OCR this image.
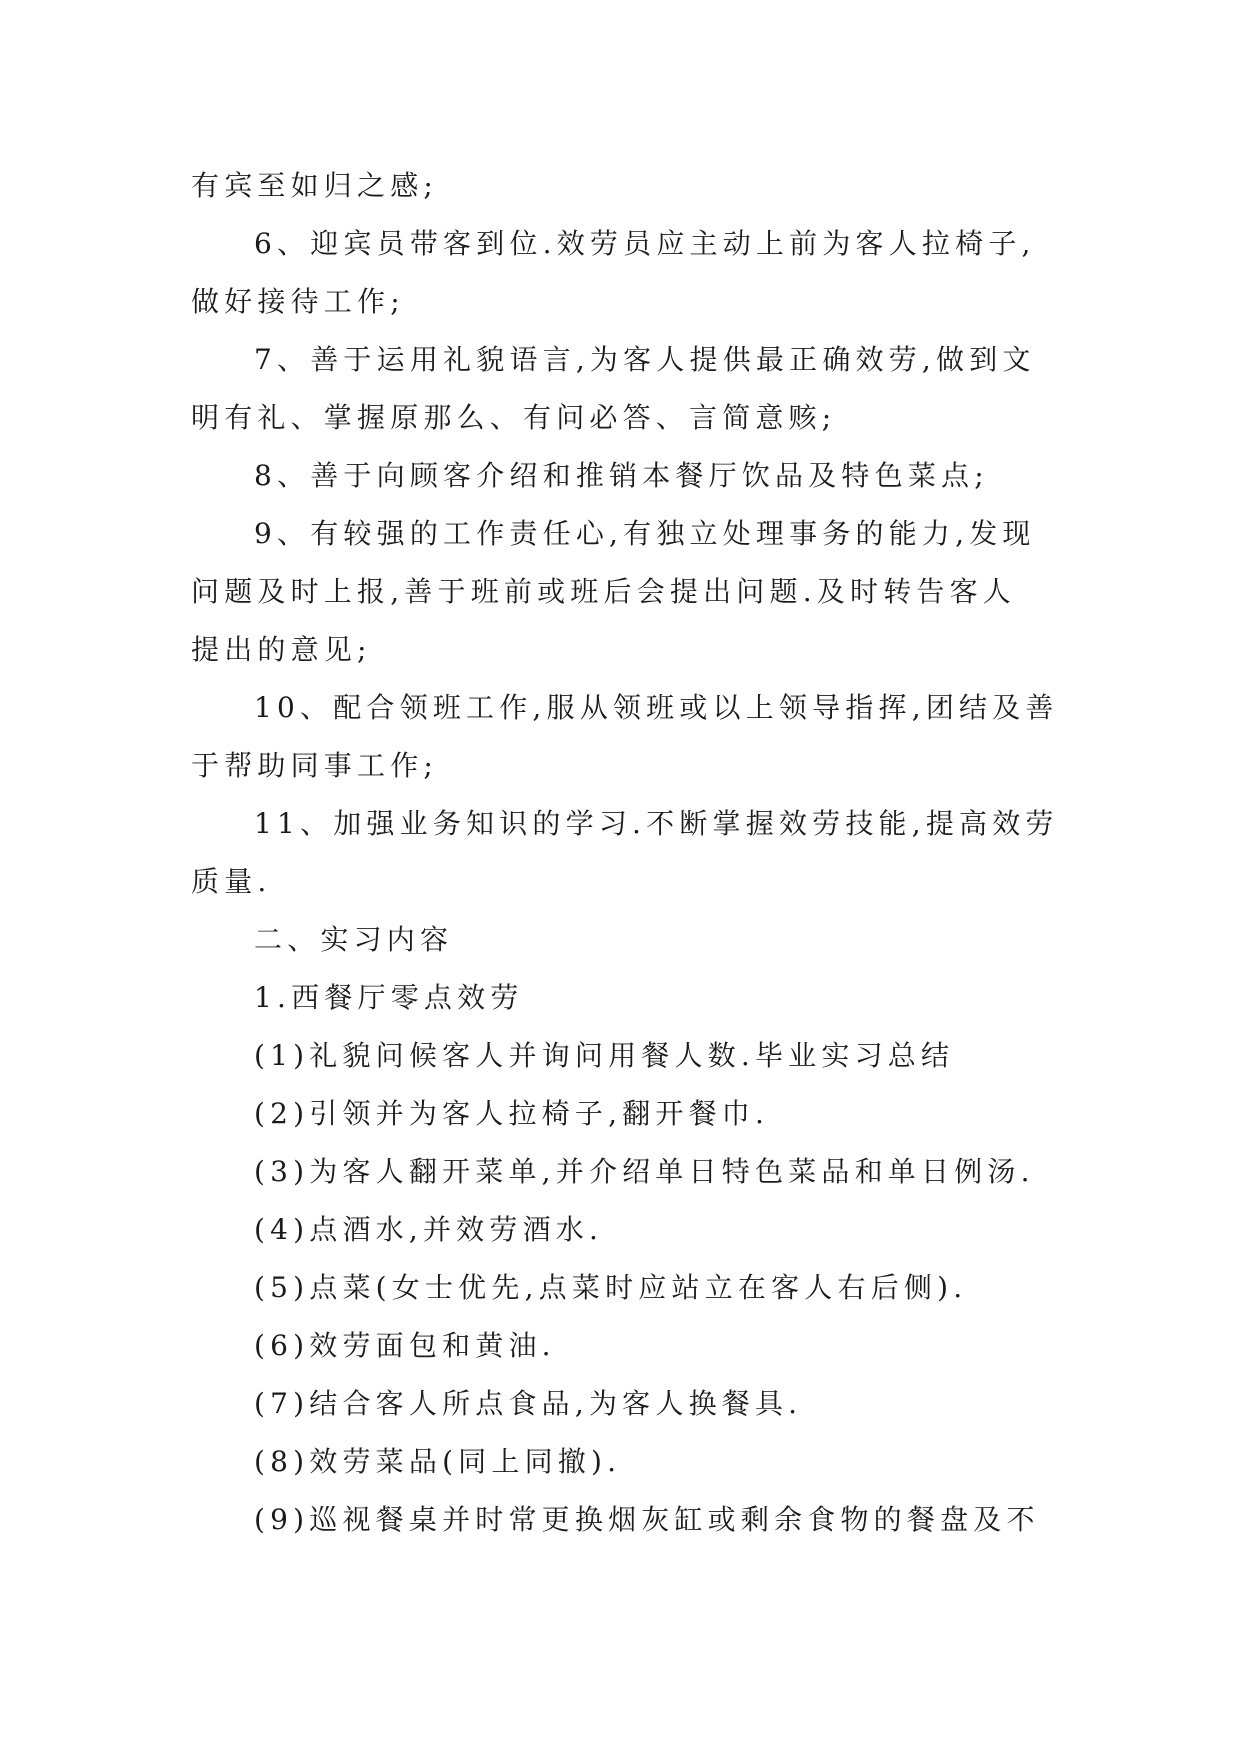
有宾至如归之感;
6、迎宾员带客到位.效劳员应主动上前为客人拉椅子,
做好接待工作;
7、善于运用礼貌语言,为客人提供最正确效劳,做到文
明有礼、掌握原那么、有问必答、言简意赅;
8、善于向顾客介绍和推销本餐厅饮品及特色菜点;
9、有较强的工作责任心,有独立处理事务的能力,发现
问题及时上报,善于班前或班后会提出问题.及时转告客人
提出的意见;
10、配合领班工作,服从领班或以上领导指挥,团结及善
于帮助同事工作;
11、加强业务知识的学习.不断掌握效劳技能,提高效劳
质量.
二、实习内容
1.西餐厅零点效劳
(1)礼貌问候客人并询问用餐人数.毕业实习总结
(2)引领并为客人拉椅子,翻开餐巾.
(3)为客人翻开菜单,并介绍单日特色菜品和单日例汤.
(4)点酒水,并效劳酒水.
(5)点菜(女士优先,点菜时应站立在客人右后侧).
(6)效劳面包和黄油.
(7)结合客人所点食品,为客人换餐具.
(8)效劳菜品(同上同撤).
(9)巡视餐桌并时常更换烟灰缸或剩余食物的餐盘及不
